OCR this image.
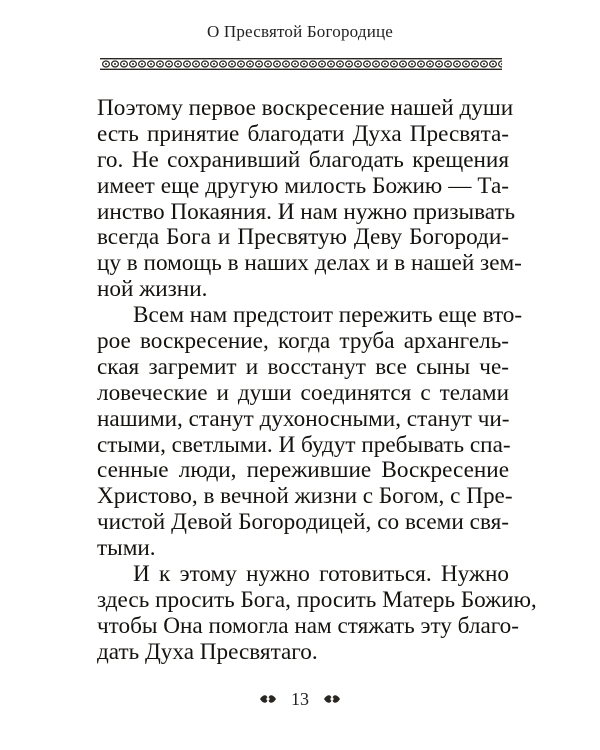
О Пресвятой Богородице
Поэтому первое воскресение нашей души
есть принятие благодати Духа Пресвята-
го. Не сохранивший благодать крещения
имеет еще другую милость Божию — Та-
инство Покаяния. И нам нужно призывать
всегда Бога и Пресвятую Деву Богороди-
цу в помощь в наших делах и в нашей зем-
ной жизни.
Всем нам предстоит пережить еще вто-
рое воскресение, когда труба архангель-
ская загремит и восстанут все сыны че-
ловеческие и души соединятся с телами
нашими, станут духоносными, станут чи-
стыми, светлыми. И будут пребывать спа-
сенные люди, пережившие Воскресение
Христово, в вечной жизни с Богом, с Пре-
чистой Девой Богородицей, со всеми свя-
тыми.
И к этому нужно готовиться. Нужно
здесь просить Бога, просить Матерь Божию,
чтобы Она помогла нам стяжать эту благо-
дать Духа Пресвятаго.
13
